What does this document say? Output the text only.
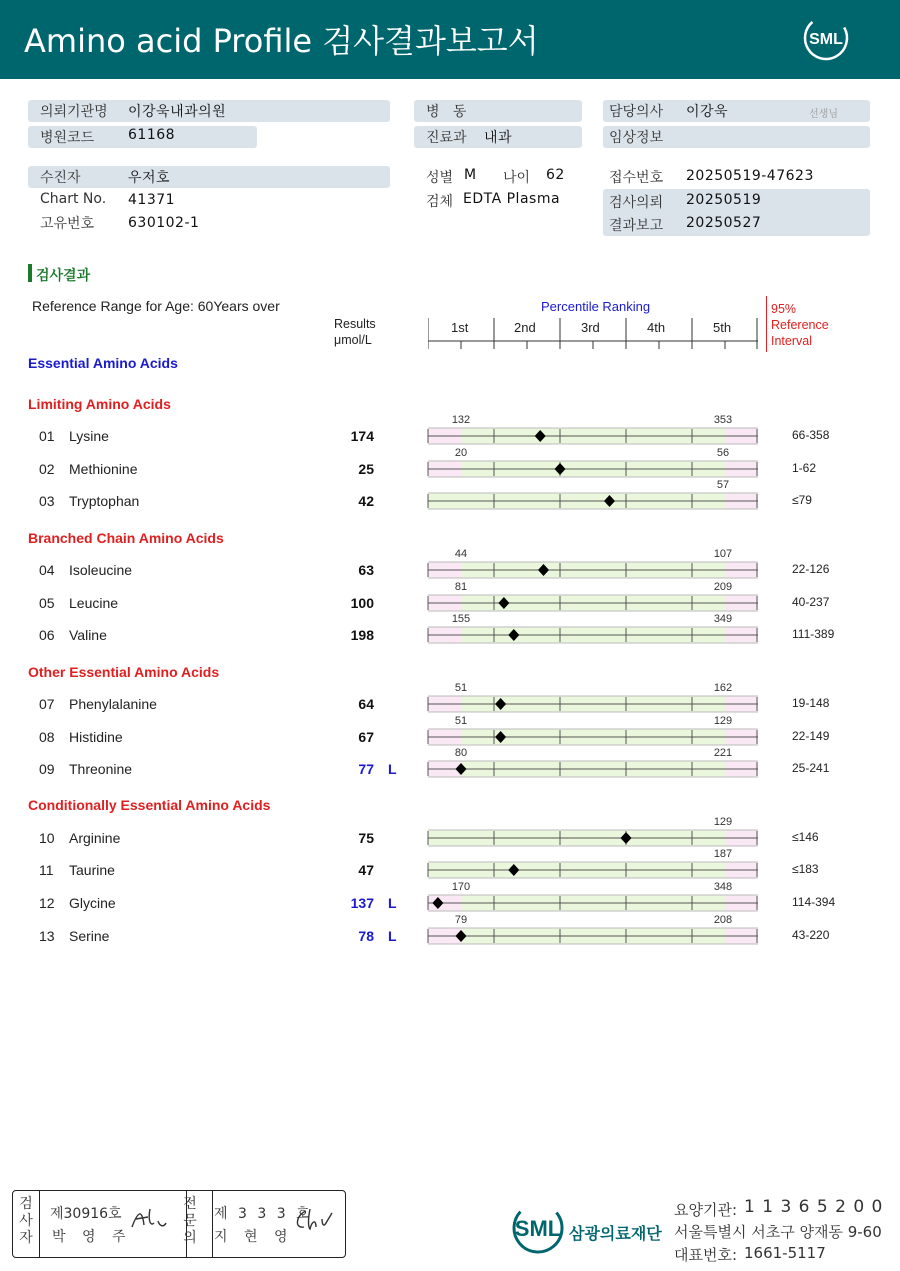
Amino acid Profile 검사결과보고서	SML
의뢰기관명 이강욱내과의원
병원코드 61168
수진자	우저호
Chart No. 41371
고유번호 630102-1
병   동
진료과 내과
성별 M 나이 62
검체 EDTA Plasma
담당의사 이강욱	선생님
임상정보
접수번호 20250519-47623
검사의뢰 20250519
결과보고 20250527
검사결과
Reference Range for Age: 60Years over
Results
μmol/L
Percentile Ranking	95%
Reference
Interval
1st	2nd	3rd	4th	5th
Essential Amino Acids
Limiting Amino Acids
Branched Chain Amino Acids
Other Essential Amino Acids
Conditionally Essential Amino Acids
01 Lysine	174	66-358
132	353
02 Methionine	25	1-62
20	56
03 Tryptophan	42	≤79
57
04 Isoleucine	63	22-126
44	107
05 Leucine	100	40-237
81	209
06 Valine	198	111-389
155	349
07 Phenylalanine	64	19-148
51	162
08 Histidine	67	22-149
51	129
09 Threonine	77 L	25-241
80	221
10 Arginine	75	≤146
129
11 Taurine	47	≤183
187
12 Glycine	137 L	114-394
170	348
13 Serine	78 L	43-220
79	208
검
사
자
제30916호
박 영 주
전
문
의
제 3 3 3 호
지 현 영	SML 삼광의료재단
요양기관: 1 1 3 6 5 2 0 0
서울특별시 서초구 양재동 9-60
대표번호: 1661-5117
